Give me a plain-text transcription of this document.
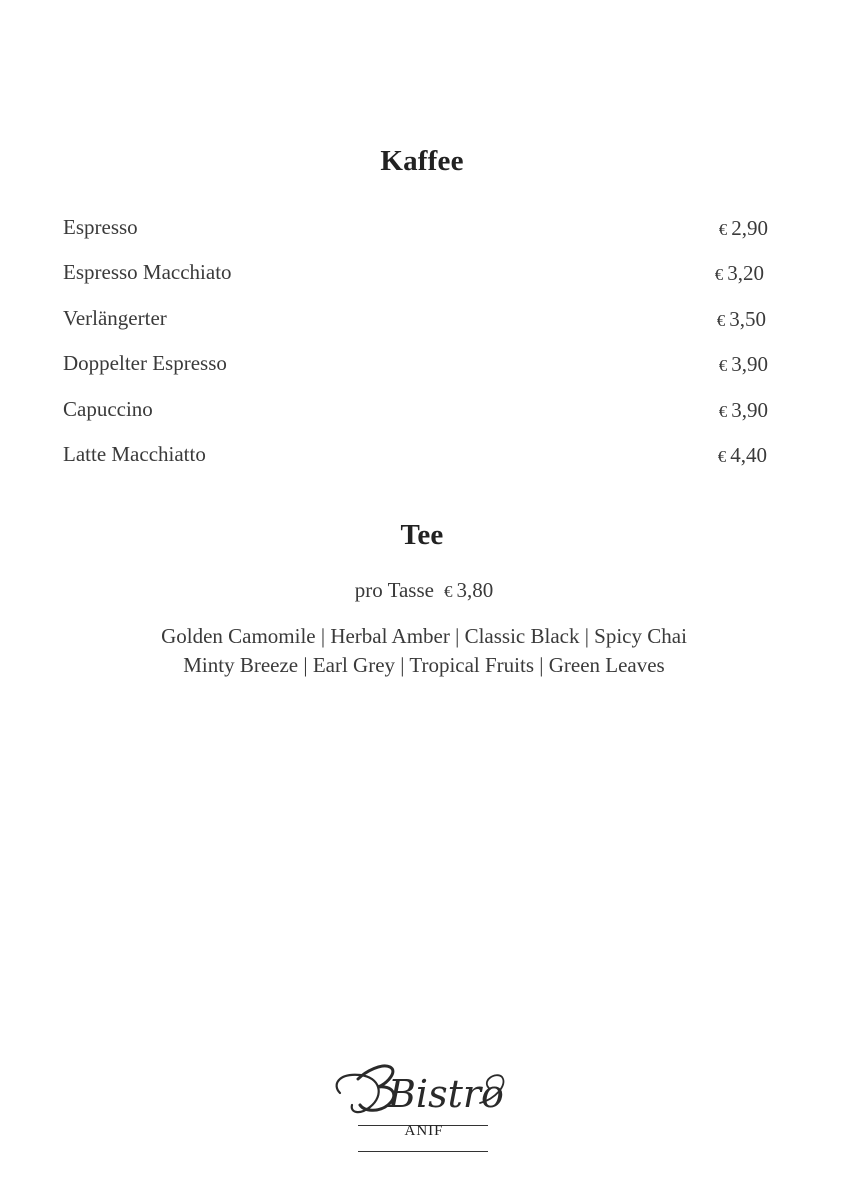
Kaffee
Espresso	€ 2,90
Espresso Macchiato	€ 3,20
Verlängerter	€ 3,50
Doppelter Espresso	€ 3,90
Capuccino	€ 3,90
Latte Macchiatto	€ 4,40
Tee
pro Tasse € 3,80
Golden Camomile | Herbal Amber | Classic Black | Spicy Chai
Minty Breeze | Earl Grey | Tropical Fruits | Green Leaves
Bistro
ANIF
